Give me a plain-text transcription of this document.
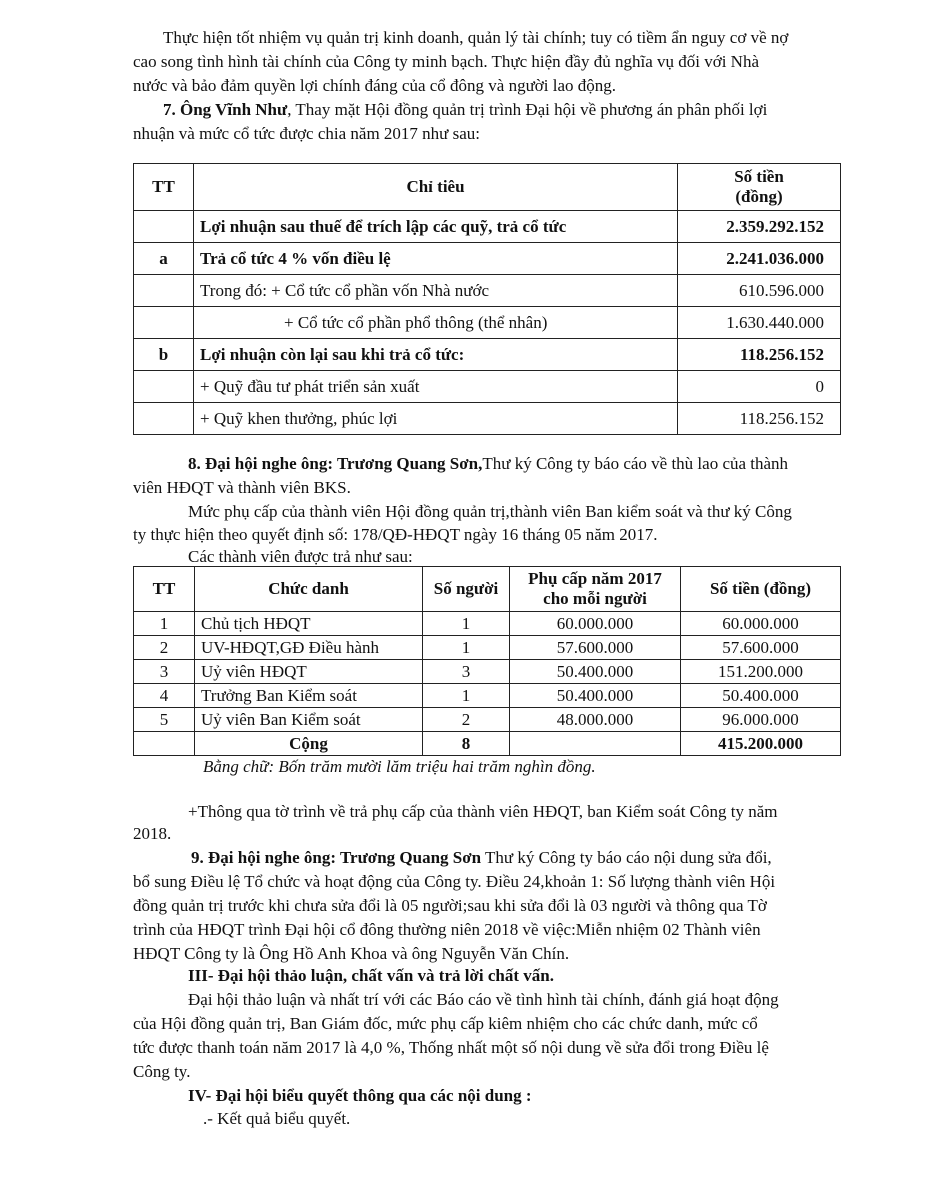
Thực hiện tốt nhiệm vụ quản trị kinh doanh, quản lý tài chính; tuy có tiềm ẩn nguy cơ về nợ

cao song tình hình tài chính của Công ty minh bạch. Thực hiện đầy đủ nghĩa vụ đối với Nhà

nước và bảo đảm quyền lợi chính đáng của cổ đông và người lao động.

7. Ông Vĩnh Như, Thay mặt Hội đồng quản trị trình Đại hội về phương án phân phối lợi

nhuận và mức cổ tức được chia năm 2017 như sau:

TT	Chỉ tiêu	Số tiền
(đồng)

	Lợi nhuận sau thuế để trích lập các quỹ, trả cổ tức	2.359.292.152
a	Trả cổ tức 4 % vốn điều lệ	2.241.036.000
	Trong đó: + Cổ tức cổ phần vốn Nhà nước	610.596.000
	+ Cổ tức cổ phần phổ thông (thể nhân)	1.630.440.000
b	Lợi nhuận còn lại sau khi trả cổ tức:	118.256.152
	+ Quỹ đầu tư phát triển sản xuất	0
	+ Quỹ khen thưởng, phúc lợi	118.256.152

8. Đại hội nghe ông: Trương Quang Sơn,Thư ký Công ty báo cáo về thù lao của thành

viên HĐQT và thành viên BKS.

Mức phụ cấp của thành viên Hội đồng quản trị,thành viên Ban kiểm soát và thư ký Công

ty thực hiện theo quyết định số: 178/QĐ-HĐQT ngày 16 tháng 05 năm 2017.

Các thành viên được trả như sau:

TT	Chức danh	Số người	Phụ cấp năm 2017
cho mỗi người	Số tiền (đồng)
1	Chủ tịch HĐQT	1	60.000.000	60.000.000
2	UV-HĐQT,GĐ Điều hành	1	57.600.000	57.600.000
3	Uỷ viên HĐQT	3	50.400.000	151.200.000
4	Trưởng Ban Kiểm soát	1	50.400.000	50.400.000
5	Uỷ viên Ban Kiểm soát	2	48.000.000	96.000.000
	Cộng	8		415.200.000

Bằng chữ: Bốn trăm mười lăm triệu hai trăm nghìn đồng.

+Thông qua tờ trình về trả phụ cấp của thành viên HĐQT, ban Kiểm soát Công ty năm

2018.

9. Đại hội nghe ông: Trương Quang Sơn Thư ký Công ty báo cáo nội dung sửa đổi,

bổ sung Điều lệ Tổ chức và hoạt động của Công ty. Điều 24,khoản 1: Số lượng thành viên Hội

đồng quản trị trước khi chưa sửa đổi là 05 người;sau khi sửa đổi là 03 người và thông qua Tờ

trình của HĐQT trình Đại hội cổ đông thường niên 2018 về việc:Miễn nhiệm 02 Thành viên

HĐQT Công ty là Ông Hồ Anh Khoa và ông Nguyễn Văn Chín.

III- Đại hội thảo luận, chất vấn và trả lời chất vấn.

Đại hội thảo luận và nhất trí với các Báo cáo về tình hình tài chính, đánh giá hoạt động

của Hội đồng quản trị, Ban Giám đốc, mức phụ cấp kiêm nhiệm cho các chức danh, mức cổ

tức được thanh toán năm 2017 là 4,0 %, Thống nhất một số nội dung về sửa đổi trong Điều lệ

Công ty.

IV- Đại hội biểu quyết thông qua các nội dung :

.- Kết quả biểu quyết.
